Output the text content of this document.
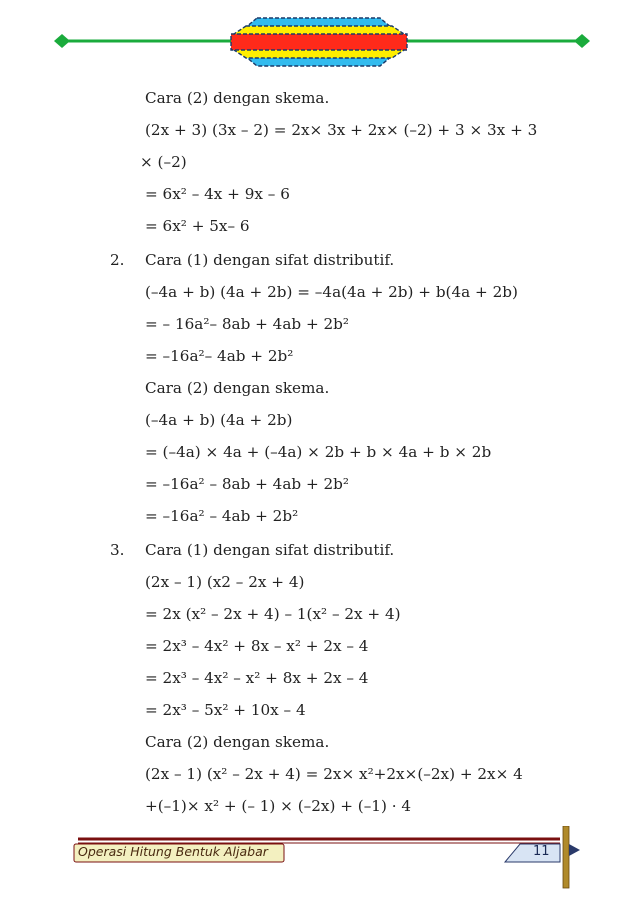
Cara (2) dengan skema.

(2x + 3) (3x – 2) = 2x× 3x + 2x× (–2) + 3 × 3x + 3

× (–2)

= 6x² – 4x + 9x – 6

= 6x² + 5x– 6

2. Cara (1) dengan sifat distributif.

(–4a + b) (4a + 2b) = –4a(4a + 2b) + b(4a + 2b)

= – 16a²– 8ab + 4ab + 2b²

= –16a²– 4ab + 2b²

Cara (2) dengan skema.

(–4a + b) (4a + 2b)

= (–4a) × 4a + (–4a) × 2b + b × 4a + b × 2b

= –16a² – 8ab + 4ab + 2b²

= –16a² – 4ab + 2b²

3. Cara (1) dengan sifat distributif.

(2x – 1) (x2 – 2x + 4)

= 2x (x² – 2x + 4) – 1(x² – 2x + 4)

= 2x³ – 4x² + 8x – x² + 2x – 4

= 2x³ – 4x² – x² + 8x + 2x – 4

= 2x³ – 5x² + 10x – 4

Cara (2) dengan skema.

(2x – 1) (x² – 2x + 4) = 2x× x²+2x×(–2x) + 2x× 4

+(–1)× x² + (– 1) × (–2x) + (–1) · 4

Operasi Hitung Bentuk Aljabar	11
